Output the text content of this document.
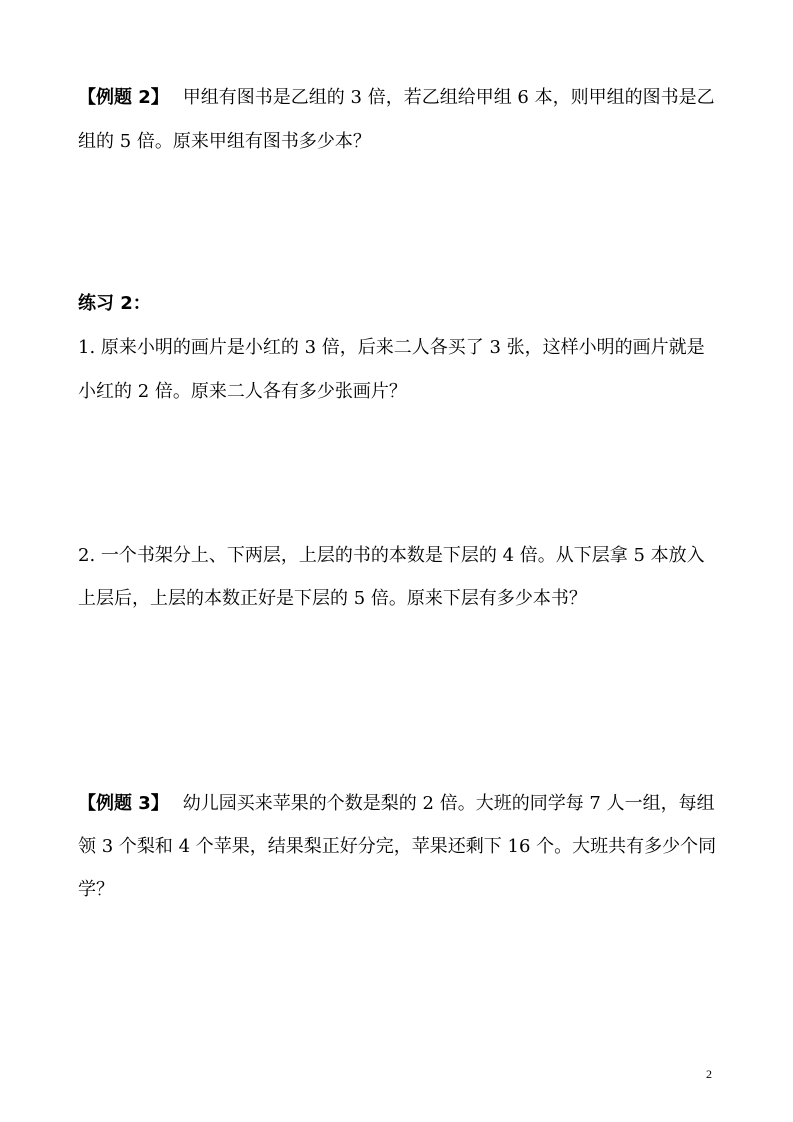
【例题 2】 甲组有图书是乙组的 3 倍，若乙组给甲组 6 本，则甲组的图书是乙
组的 5 倍。原来甲组有图书多少本？
练习 2：
1. 原来小明的画片是小红的 3 倍，后来二人各买了 3 张，这样小明的画片就是
小红的 2 倍。原来二人各有多少张画片？
2. 一个书架分上、下两层，上层的书的本数是下层的 4 倍。从下层拿 5 本放入
上层后，上层的本数正好是下层的 5 倍。原来下层有多少本书？
【例题 3】 幼儿园买来苹果的个数是梨的 2 倍。大班的同学每 7 人一组，每组
领 3 个梨和 4 个苹果，结果梨正好分完，苹果还剩下 16 个。大班共有多少个同
学？
2
